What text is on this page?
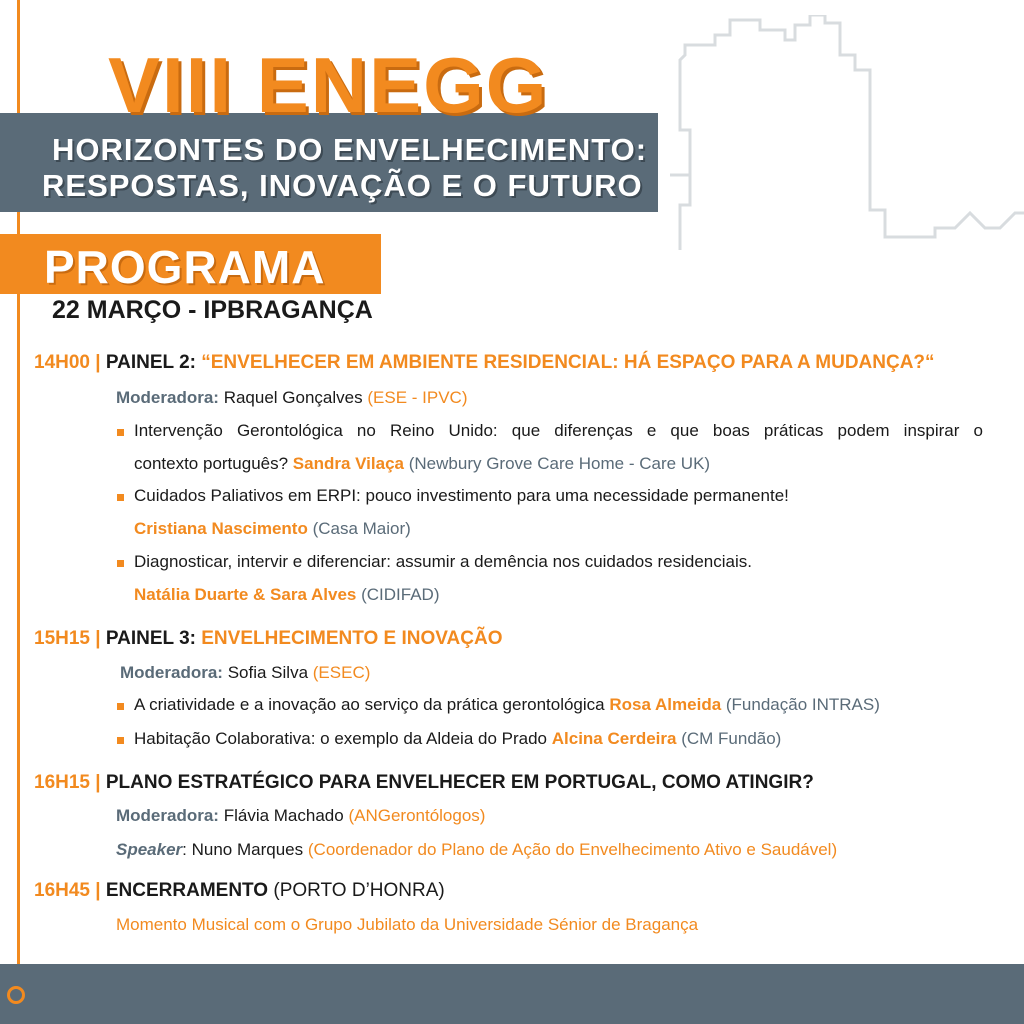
VIII ENEGG
HORIZONTES DO ENVELHECIMENTO:
RESPOSTAS, INOVAÇÃO E O FUTURO
PROGRAMA
22 MARÇO - IPBRAGANÇA
14H00 | PAINEL 2: “ENVELHECER EM AMBIENTE RESIDENCIAL: HÁ ESPAÇO PARA A MUDANÇA?“
Moderadora: Raquel Gonçalves (ESE - IPVC)
Intervenção Gerontológica no Reino Unido: que diferenças e que boas práticas podem inspirar o
contexto português? Sandra Vilaça (Newbury Grove Care Home - Care UK)
Cuidados Paliativos em ERPI: pouco investimento para uma necessidade permanente!
Cristiana Nascimento (Casa Maior)
Diagnosticar, intervir e diferenciar: assumir a demência nos cuidados residenciais.
Natália Duarte & Sara Alves (CIDIFAD)
15H15 | PAINEL 3: ENVELHECIMENTO E INOVAÇÃO
Moderadora: Sofia Silva (ESEC)
A criatividade e a inovação ao serviço da prática gerontológica Rosa Almeida (Fundação INTRAS)
Habitação Colaborativa: o exemplo da Aldeia do Prado Alcina Cerdeira (CM Fundão)
16H15 | PLANO ESTRATÉGICO PARA ENVELHECER EM PORTUGAL, COMO ATINGIR?
Moderadora: Flávia Machado (ANGerontólogos)
Speaker: Nuno Marques (Coordenador do Plano de Ação do Envelhecimento Ativo e Saudável)
16H45 | ENCERRAMENTO (PORTO D’HONRA)
Momento Musical com o Grupo Jubilato da Universidade Sénior de Bragança
